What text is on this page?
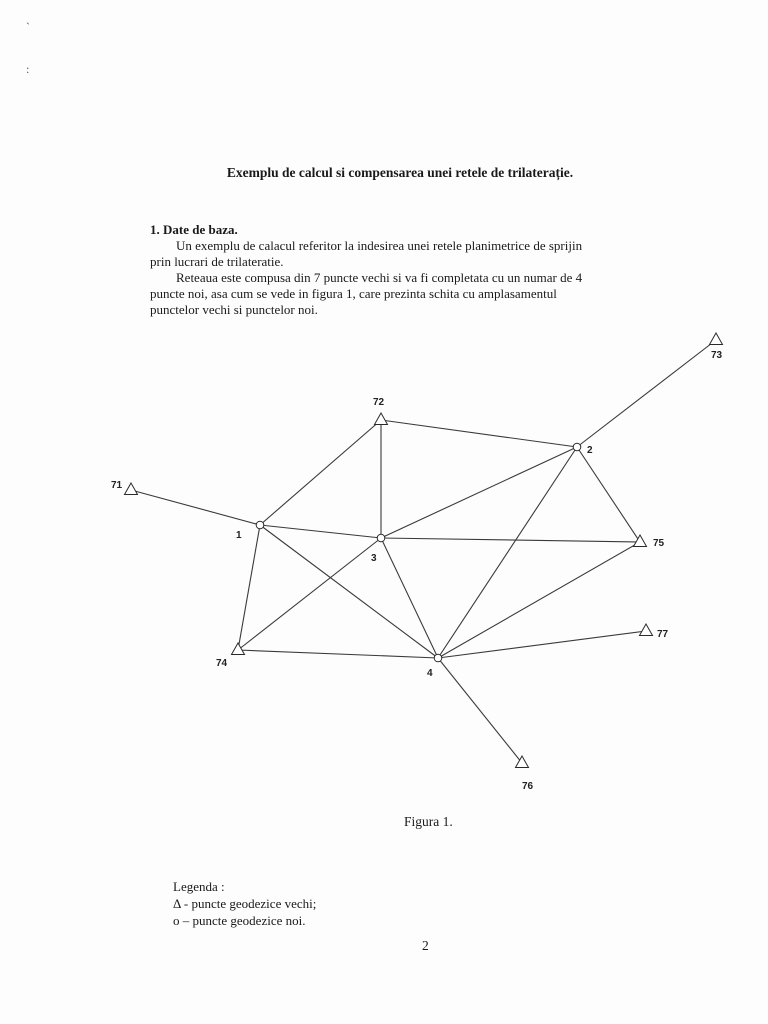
`
:
Exemplu de calcul si compensarea unei retele de trilaterație.

1. Date de baza.

Un exemplu de calacul referitor la indesirea unei retele planimetrice de sprijin

prin lucrari de trilateratie.

Reteaua este compusa din 7 puncte vechi si va fi completata cu un numar de 4

puncte noi, asa cum se vede in figura 1, care prezinta schita cu amplasamentul

punctelor vechi si punctelor noi.

71
72
73
74
75
76
77
1
2
3
4
Figura 1.
Legenda :
Δ - puncte geodezice vechi;
o – puncte geodezice noi.
2
